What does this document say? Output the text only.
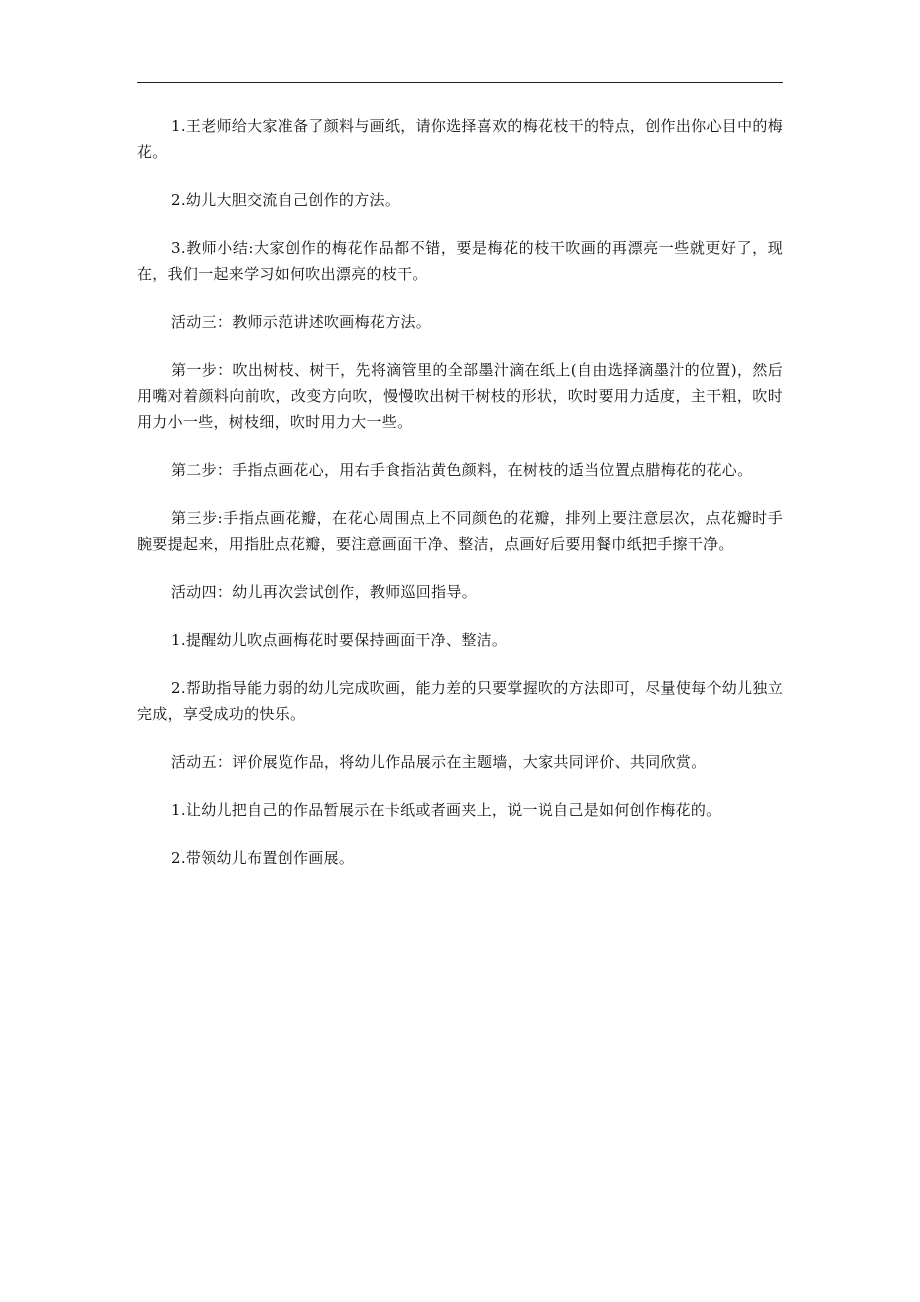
1.王老师给大家准备了颜料与画纸，请你选择喜欢的梅花枝干的特点，创作出你心目中的梅花。

2.幼儿大胆交流自己创作的方法。

3.教师小结:大家创作的梅花作品都不错，要是梅花的枝干吹画的再漂亮一些就更好了，现在，我们一起来学习如何吹出漂亮的枝干。

活动三：教师示范讲述吹画梅花方法。

第一步：吹出树枝、树干，先将滴管里的全部墨汁滴在纸上(自由选择滴墨汁的位置)，然后用嘴对着颜料向前吹，改变方向吹，慢慢吹出树干树枝的形状，吹时要用力适度，主干粗，吹时用力小一些，树枝细，吹时用力大一些。

第二步：手指点画花心，用右手食指沾黄色颜料，在树枝的适当位置点腊梅花的花心。

第三步:手指点画花瓣，在花心周围点上不同颜色的花瓣，排列上要注意层次，点花瓣时手腕要提起来，用指肚点花瓣，要注意画面干净、整洁，点画好后要用餐巾纸把手擦干净。

活动四：幼儿再次尝试创作，教师巡回指导。

1.提醒幼儿吹点画梅花时要保持画面干净、整洁。

2.帮助指导能力弱的幼儿完成吹画，能力差的只要掌握吹的方法即可，尽量使每个幼儿独立完成，享受成功的快乐。

活动五：评价展览作品，将幼儿作品展示在主题墙，大家共同评价、共同欣赏。

1.让幼儿把自己的作品暂展示在卡纸或者画夹上，说一说自己是如何创作梅花的。

2.带领幼儿布置创作画展。
